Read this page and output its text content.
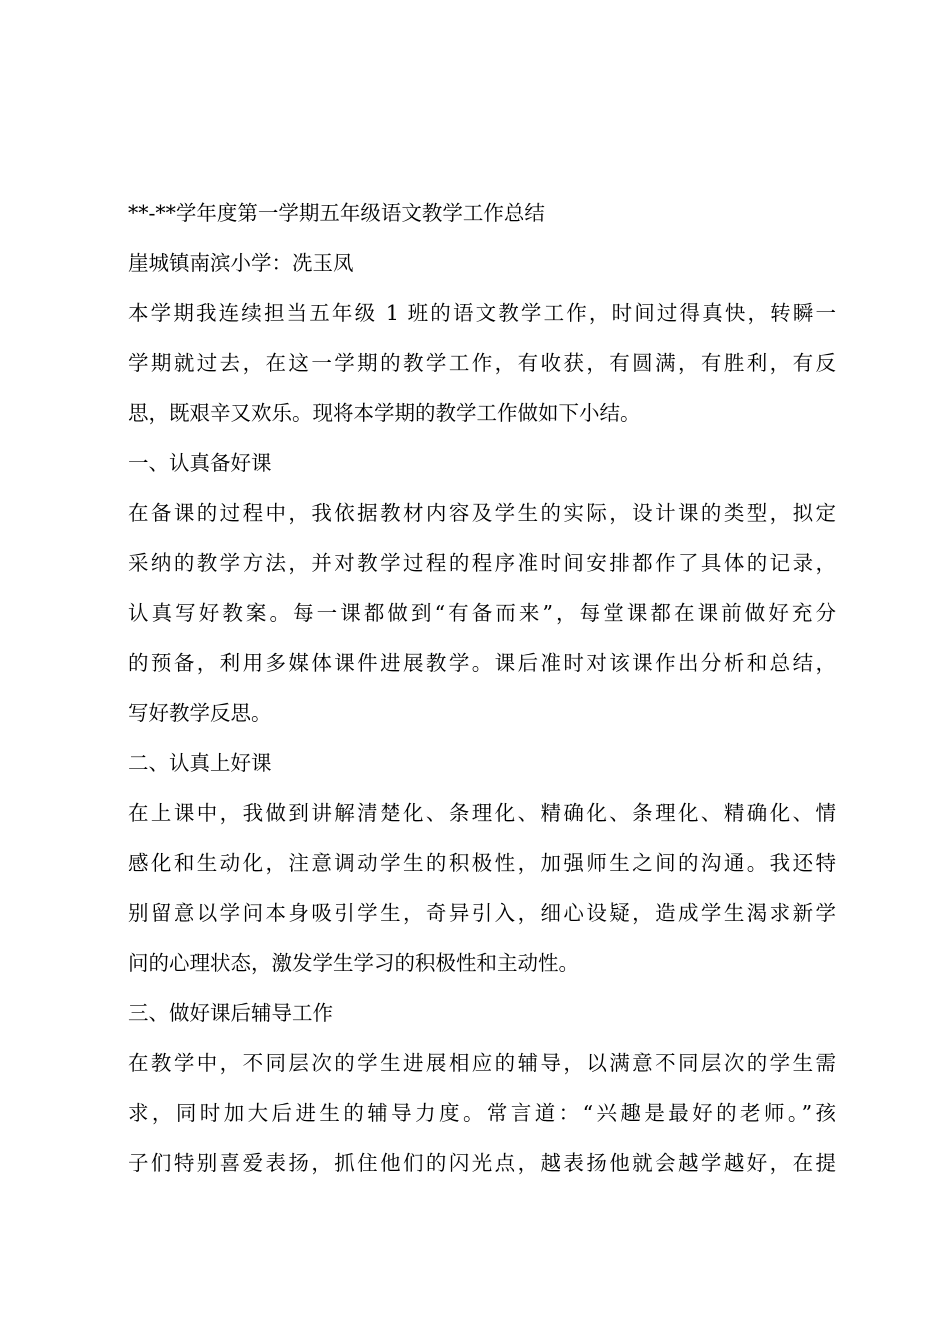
**-**学年度第一学期五年级语文教学工作总结
崖城镇南滨小学：冼玉凤
本学期我连续担当五年级 1 班的语文教学工作，时间过得真快，转瞬一
学期就过去，在这一学期的教学工作，有收获，有圆满，有胜利，有反
思，既艰辛又欢乐。现将本学期的教学工作做如下小结。
一、认真备好课
在备课的过程中，我依据教材内容及学生的实际，设计课的类型，拟定
采纳的教学方法，并对教学过程的程序准时间安排都作了具体的记录，
认真写好教案。每一课都做到“有备而来”，每堂课都在课前做好充分
的预备，利用多媒体课件进展教学。课后准时对该课作出分析和总结，
写好教学反思。
二、认真上好课
在上课中，我做到讲解清楚化、条理化、精确化、条理化、精确化、情
感化和生动化，注意调动学生的积极性，加强师生之间的沟通。我还特
别留意以学问本身吸引学生，奇异引入，细心设疑，造成学生渴求新学
问的心理状态，激发学生学习的积极性和主动性。
三、做好课后辅导工作
在教学中，不同层次的学生进展相应的辅导，以满意不同层次的学生需
求，同时加大后进生的辅导力度。常言道：“兴趣是最好的老师。”孩
子们特别喜爱表扬，抓住他们的闪光点，越表扬他就会越学越好，在提
